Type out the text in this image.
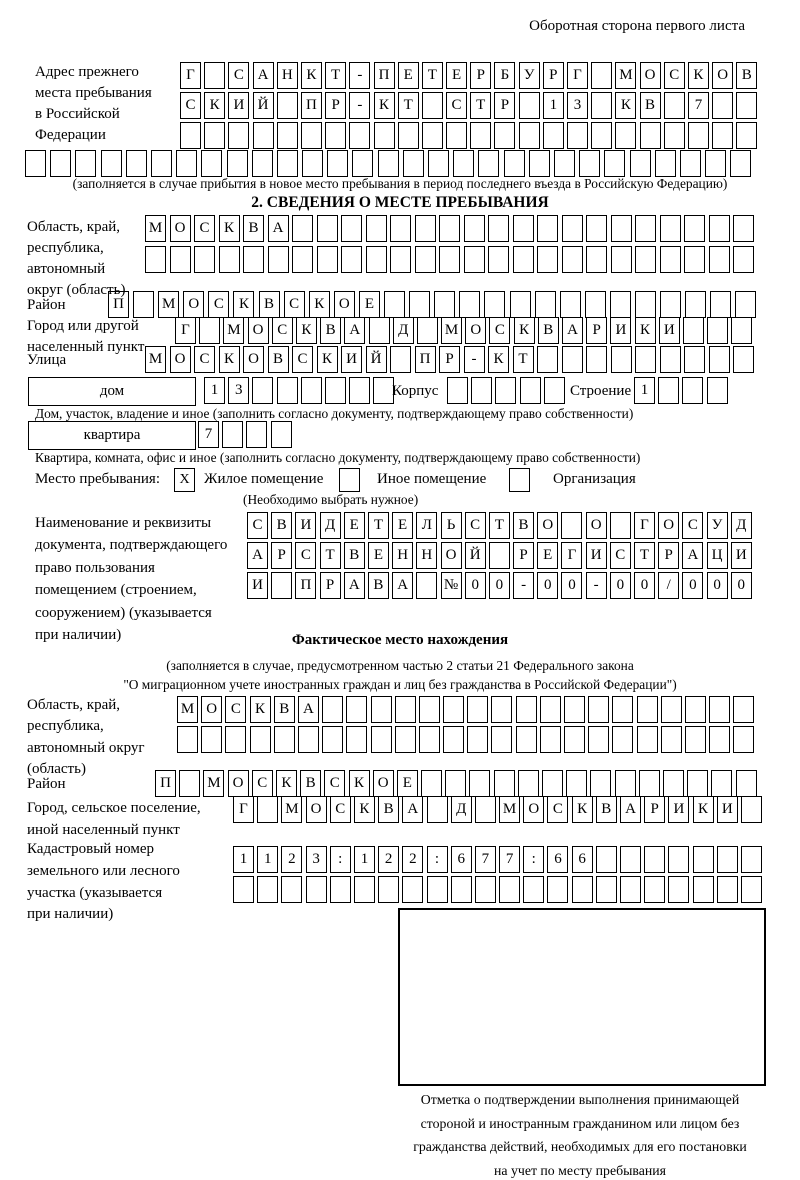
Оборотная сторона первого листа
Адрес прежнего
места пребывания
в Российской
Федерации
Г	С А Н К Т	-	П Е	Т	Е	Р	Б У Р	Г	М О С К О В
С К И Й	П Р	-	К Т	С Т	Р	1	3	К В	7
(заполняется в случае прибытия в новое место пребывания в период последнего въезда в Российскую Федерацию)
2. СВЕДЕНИЯ О МЕСТЕ ПРЕБЫВАНИЯ
Область, край,
республика,
автономный
округ (область)
М О С К В А
Район	П	М О С	К	В	С	К О	Е
Город или другой
населенный пункт
Г	М О С К В А	Д	М О С К В А Р И К И
Улица	М О С К О В С К И Й	П Р	-	К Т
дом	1	3	Корпус	Строение 1
Дом, участок, владение и иное (заполнить согласно документу, подтверждающему право собственности)
квартира	7
Квартира, комната, офис и иное (заполнить согласно документу, подтверждающему право собственности)
Место пребывания:	X Жилое помещение	Иное помещение	Организация
(Необходимо выбрать нужное)
Наименование и реквизиты
документа, подтверждающего
право пользования
помещением (строением,
сооружением) (указывается
при наличии)
С В И Д Е	Т	Е Л Ь С Т В О	О	Г О С У Д
А Р	С Т В Е Н Н О Й	Р	Е	Г И С Т	Р А Ц И
И	П Р А В А	№ 0	0	-	0	0	-	0	0	/	0	0	0
Фактическое место нахождения
(заполняется в случае, предусмотренном частью 2 статьи 21 Федерального закона
"О миграционном учете иностранных граждан и лиц без гражданства в Российской Федерации")
Область, край,
республика,
автономный округ
(область)
М О С К В А
Район	П	М О С К В С К О Е
Город, сельское поселение,
иной населенный пункт
Г	М О С К В А	Д	М О С К В А Р И К И
Кадастровый номер
земельного или лесного
участка (указывается
при наличии)
1	1	2	3	:	1	2	2	:	6	7	7	:	6	6
Отметка о подтверждении выполнения принимающей
стороной и иностранным гражданином или лицом без
гражданства действий, необходимых для его постановки
на учет по месту пребывания
